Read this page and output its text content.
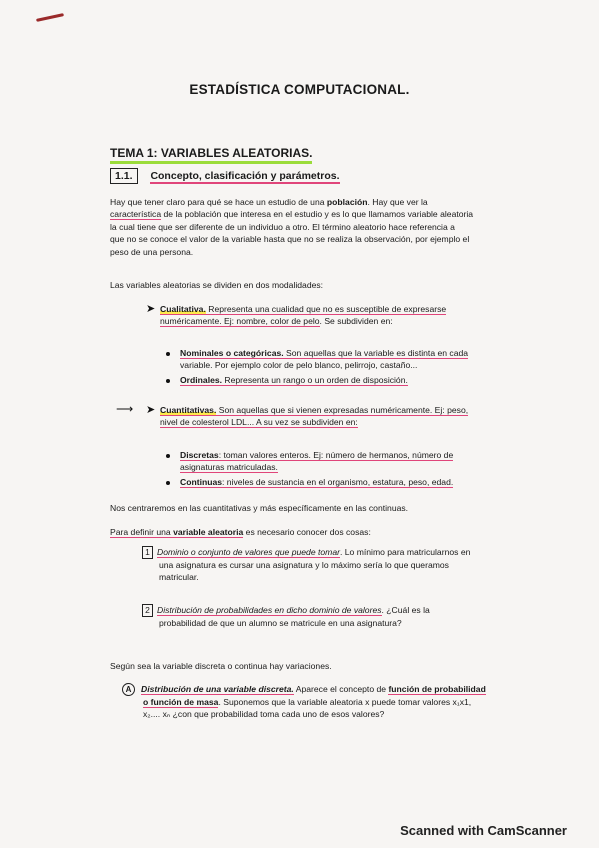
ESTADÍSTICA COMPUTACIONAL.
TEMA 1: VARIABLES ALEATORIAS.
1.1. Concepto, clasificación y parámetros.
Hay que tener claro para qué se hace un estudio de una población. Hay que ver la
característica de la población que interesa en el estudio y es lo que llamamos variable aleatoria
la cual tiene que ser diferente de un individuo a otro. El término aleatorio hace referencia a
que no se conoce el valor de la variable hasta que no se realiza la observación, por ejemplo el
peso de una persona.
Las variables aleatorias se dividen en dos modalidades:
➤ Cualitativa. Representa una cualidad que no es susceptible de expresarse
numéricamente. Ej: nombre, color de pelo. Se subdividen en:
Nominales o categóricas. Son aquellas que la variable es distinta en cada
variable. Por ejemplo color de pelo blanco, pelirrojo, castaño...
Ordinales. Representa un rango o un orden de disposición.
⟶ ➤ Cuantitativas. Son aquellas que si vienen expresadas numéricamente. Ej: peso,
nivel de colesterol LDL... A su vez se subdividen en:
Discretas: toman valores enteros. Ej: número de hermanos, número de
asignaturas matriculadas.
Continuas: niveles de sustancia en el organismo, estatura, peso, edad.
Nos centraremos en las cuantitativas y más específicamente en las continuas.
Para definir una variable aleatoria es necesario conocer dos cosas:
1 Dominio o conjunto de valores que puede tomar. Lo mínimo para matricularnos en
una asignatura es cursar una asignatura y lo máximo sería lo que queramos
matricular.
2 Distribución de probabilidades en dicho dominio de valores. ¿Cuál es la
probabilidad de que un alumno se matricule en una asignatura?
Según sea la variable discreta o continua hay variaciones.
A Distribución de una variable discreta. Aparece el concepto de función de probabilidad
o función de masa. Suponemos que la variable aleatoria x puede tomar valores x₁x1,
x₂.... xₙ ¿con que probabilidad toma cada uno de esos valores?
Scanned with CamScanner
